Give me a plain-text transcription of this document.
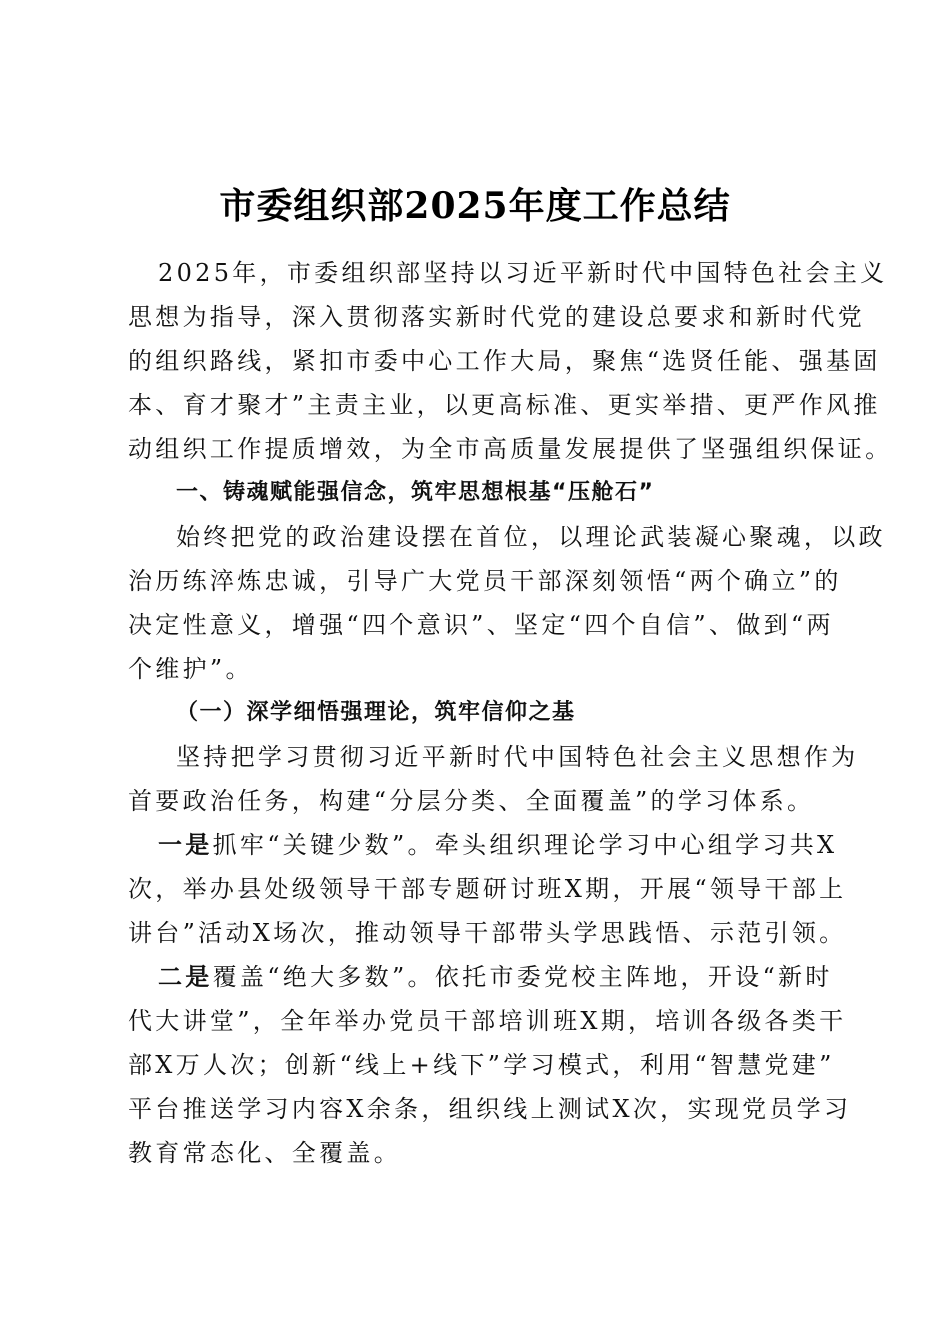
市委组织部2025年度工作总结
2025年，市委组织部坚持以习近平新时代中国特色社会主义
思想为指导，深入贯彻落实新时代党的建设总要求和新时代党
的组织路线，紧扣市委中心工作大局，聚焦“选贤任能、强基固
本、育才聚才”主责主业，以更高标准、更实举措、更严作风推
动组织工作提质增效，为全市高质量发展提供了坚强组织保证。
一、铸魂赋能强信念，筑牢思想根基“压舱石”
始终把党的政治建设摆在首位，以理论武装凝心聚魂，以政
治历练淬炼忠诚，引导广大党员干部深刻领悟“两个确立”的
决定性意义，增强“四个意识”、坚定“四个自信”、做到“两
个维护”。
（一）深学细悟强理论，筑牢信仰之基
坚持把学习贯彻习近平新时代中国特色社会主义思想作为
首要政治任务，构建“分层分类、全面覆盖”的学习体系。
一是抓牢“关键少数”。牵头组织理论学习中心组学习共X
次，举办县处级领导干部专题研讨班X期，开展“领导干部上
讲台”活动X场次，推动领导干部带头学思践悟、示范引领。
二是覆盖“绝大多数”。依托市委党校主阵地，开设“新时
代大讲堂”，全年举办党员干部培训班X期，培训各级各类干
部X万人次；创新“线上+线下”学习模式，利用“智慧党建”
平台推送学习内容X余条，组织线上测试X次，实现党员学习
教育常态化、全覆盖。
